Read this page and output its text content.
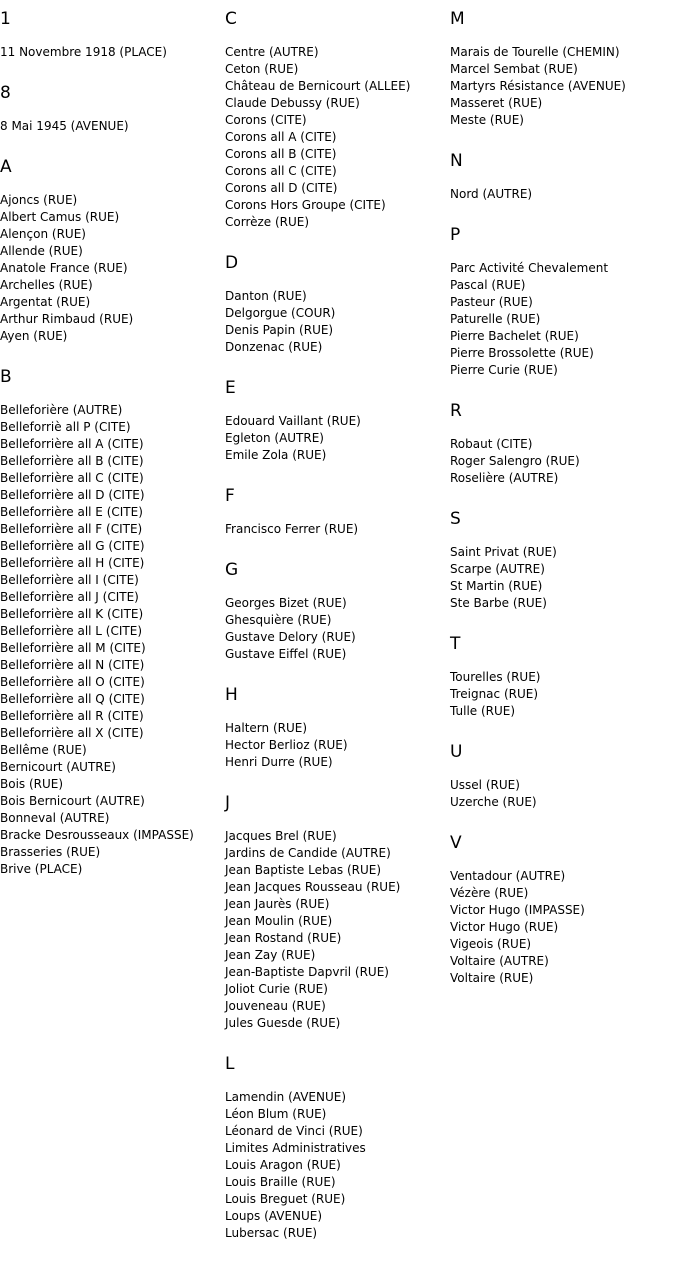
1
11 Novembre 1918 (PLACE)
8
8 Mai 1945 (AVENUE)
A
Ajoncs (RUE)
Albert Camus (RUE)
Alençon (RUE)
Allende (RUE)
Anatole France (RUE)
Archelles (RUE)
Argentat (RUE)
Arthur Rimbaud (RUE)
Ayen (RUE)
B
Belleforière (AUTRE)
Belleforriè all P (CITE)
Belleforrière all A (CITE)
Belleforrière all B (CITE)
Belleforrière all C (CITE)
Belleforrière all D (CITE)
Belleforrière all E (CITE)
Belleforrière all F (CITE)
Belleforrière all G (CITE)
Belleforrière all H (CITE)
Belleforrière all I (CITE)
Belleforrière all J (CITE)
Belleforrière all K (CITE)
Belleforrière all L (CITE)
Belleforrière all M (CITE)
Belleforrière all N (CITE)
Belleforrière all O (CITE)
Belleforrière all Q (CITE)
Belleforrière all R (CITE)
Belleforrière all X (CITE)
Bellême (RUE)
Bernicourt (AUTRE)
Bois (RUE)
Bois Bernicourt (AUTRE)
Bonneval (AUTRE)
Bracke Desrousseaux (IMPASSE)
Brasseries (RUE)
Brive (PLACE)
C
Centre (AUTRE)
Ceton (RUE)
Château de Bernicourt (ALLEE)
Claude Debussy (RUE)
Corons (CITE)
Corons all A (CITE)
Corons all B (CITE)
Corons all C (CITE)
Corons all D (CITE)
Corons Hors Groupe (CITE)
Corrèze (RUE)
D
Danton (RUE)
Delgorgue (COUR)
Denis Papin (RUE)
Donzenac (RUE)
E
Edouard Vaillant (RUE)
Egleton (AUTRE)
Emile Zola (RUE)
F
Francisco Ferrer (RUE)
G
Georges Bizet (RUE)
Ghesquière (RUE)
Gustave Delory (RUE)
Gustave Eiffel (RUE)
H
Haltern (RUE)
Hector Berlioz (RUE)
Henri Durre (RUE)
J
Jacques Brel (RUE)
Jardins de Candide (AUTRE)
Jean Baptiste Lebas (RUE)
Jean Jacques Rousseau (RUE)
Jean Jaurès (RUE)
Jean Moulin (RUE)
Jean Rostand (RUE)
Jean Zay (RUE)
Jean-Baptiste Dapvril (RUE)
Joliot Curie (RUE)
Jouveneau (RUE)
Jules Guesde (RUE)
L
Lamendin (AVENUE)
Léon Blum (RUE)
Léonard de Vinci (RUE)
Limites Administratives
Louis Aragon (RUE)
Louis Braille (RUE)
Louis Breguet (RUE)
Loups (AVENUE)
Lubersac (RUE)
M
Marais de Tourelle (CHEMIN)
Marcel Sembat (RUE)
Martyrs Résistance (AVENUE)
Masseret (RUE)
Meste (RUE)
N
Nord (AUTRE)
P
Parc Activité Chevalement
Pascal (RUE)
Pasteur (RUE)
Paturelle (RUE)
Pierre Bachelet (RUE)
Pierre Brossolette (RUE)
Pierre Curie (RUE)
R
Robaut (CITE)
Roger Salengro (RUE)
Roselière (AUTRE)
S
Saint Privat (RUE)
Scarpe (AUTRE)
St Martin (RUE)
Ste Barbe (RUE)
T
Tourelles (RUE)
Treignac (RUE)
Tulle (RUE)
U
Ussel (RUE)
Uzerche (RUE)
V
Ventadour (AUTRE)
Vézère (RUE)
Victor Hugo (IMPASSE)
Victor Hugo (RUE)
Vigeois (RUE)
Voltaire (AUTRE)
Voltaire (RUE)
